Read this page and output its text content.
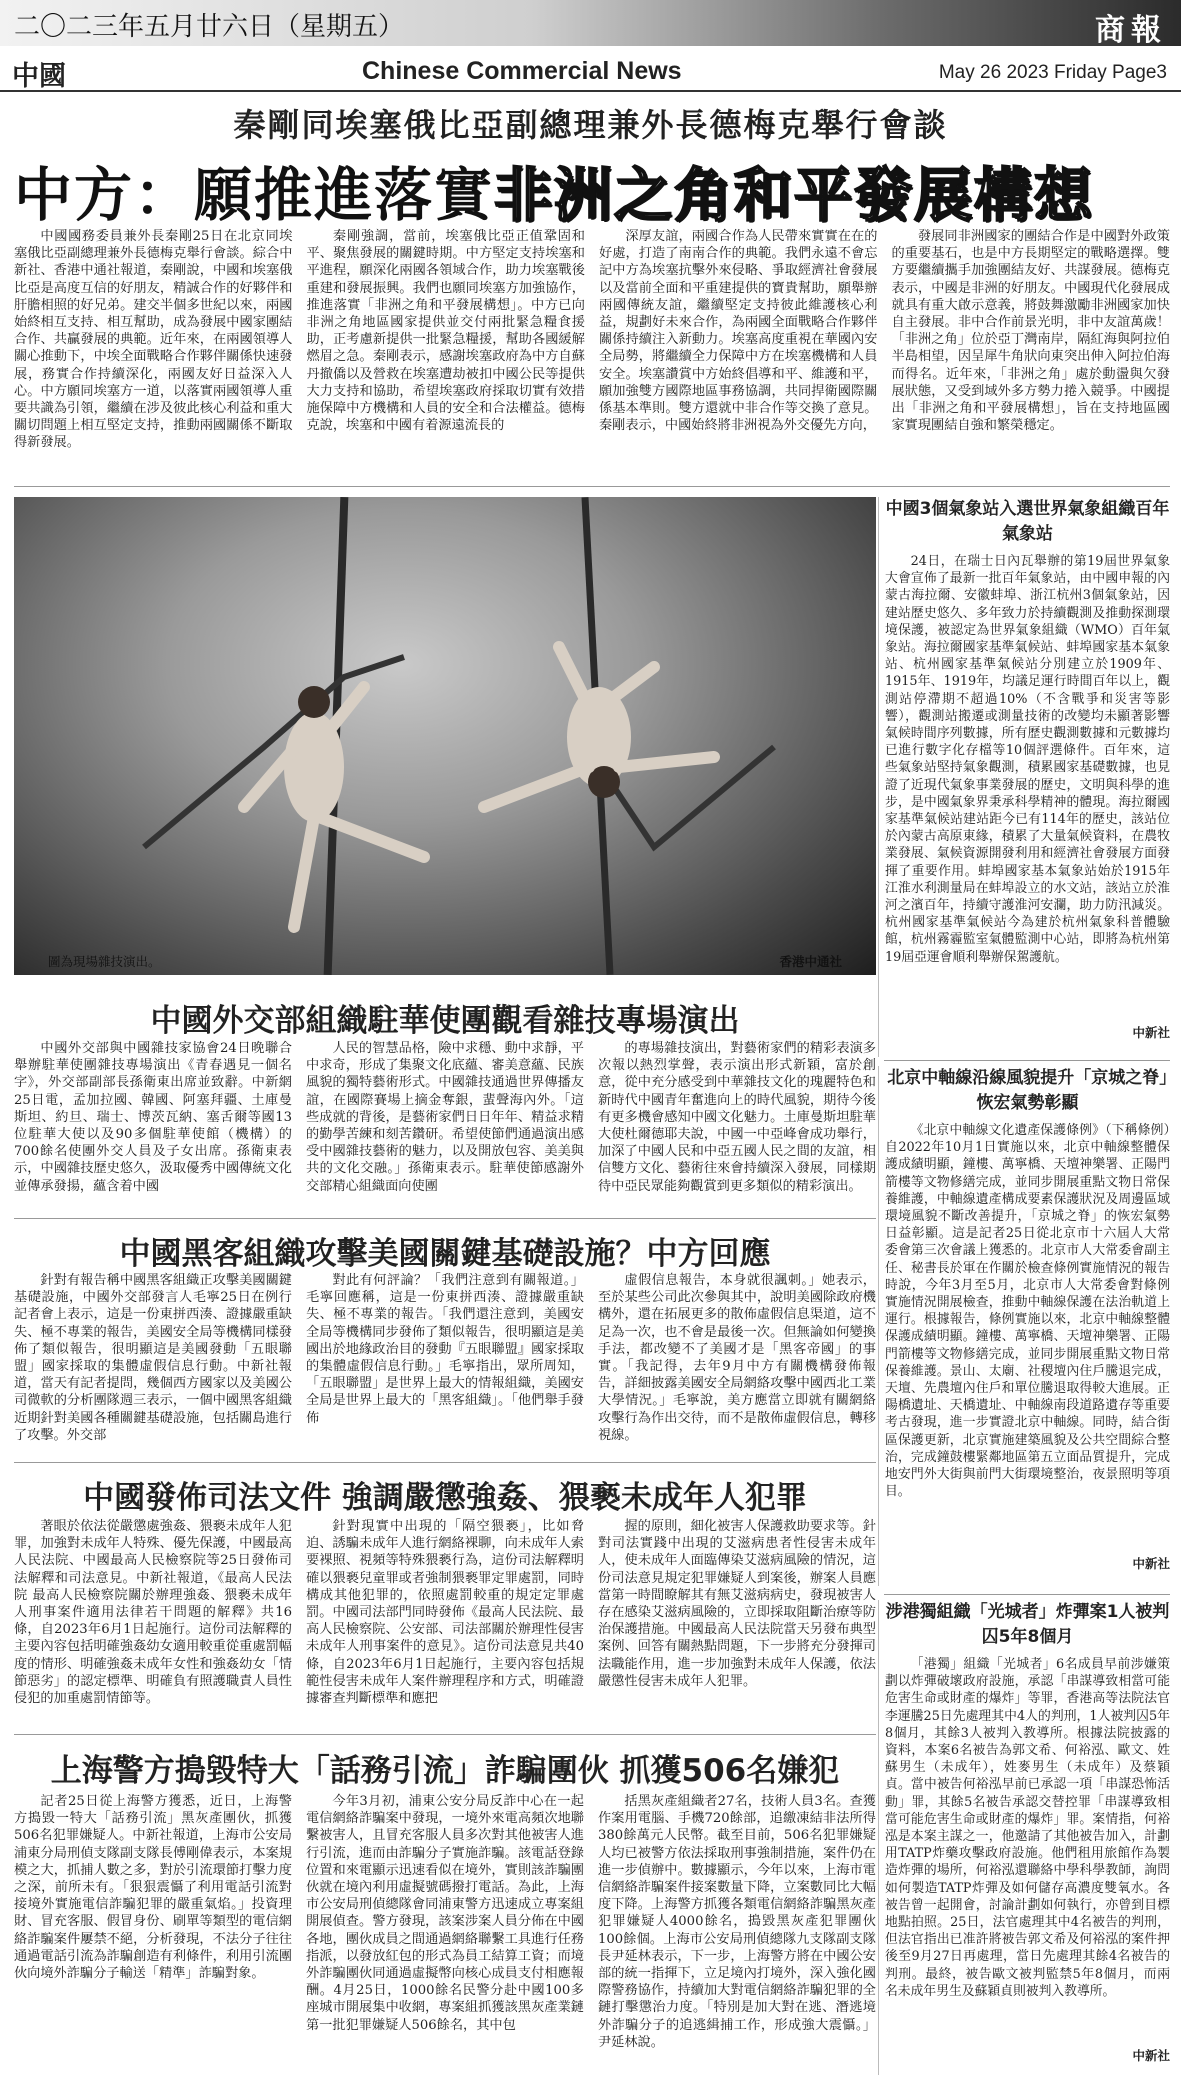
二〇二三年五月廿六日（星期五）	商報
中國	Chinese Commercial News	May 26 2023 Friday Page3
秦剛同埃塞俄比亞副總理兼外長德梅克舉行會談
中方：願推進落實非洲之角和平發展構想
中國國務委員兼外長秦剛25日在北京同埃塞俄比亞副總理兼外長德梅克舉行會談。綜合中新社、香港中通社報道，秦剛說，中國和埃塞俄比亞是高度互信的好朋友，精誠合作的好夥伴和肝膽相照的好兄弟。建交半個多世紀以來，兩國始終相互支持、相互幫助，成為發展中國家團結合作、共贏發展的典範。近年來，在兩國領導人關心推動下，中埃全面戰略合作夥伴關係快速發展，務實合作持續深化，兩國友好日益深入人心。中方願同埃塞方一道，以落實兩國領導人重要共識為引領，繼續在涉及彼此核心利益和重大關切問題上相互堅定支持，推動兩國關係不斷取得新發展。
秦剛強調，當前，埃塞俄比亞正值鞏固和平、聚焦發展的關鍵時期。中方堅定支持埃塞和平進程，願深化兩國各領域合作，助力埃塞戰後重建和發展振興。我們也願同埃塞方加強協作，推進落實「非洲之角和平發展構想」。中方已向非洲之角地區國家提供並交付兩批緊急糧食援助，正考慮新提供一批緊急糧援，幫助各國緩解燃眉之急。秦剛表示，感謝埃塞政府為中方自蘇丹撤僑以及營救在埃塞遭劫被扣中國公民等提供大力支持和協助，希望埃塞政府採取切實有效措施保障中方機構和人員的安全和合法權益。德梅克說，埃塞和中國有着源遠流長的
深厚友誼，兩國合作為人民帶來實實在在的好處，打造了南南合作的典範。我們永遠不會忘記中方為埃塞抗擊外來侵略、爭取經濟社會發展以及當前全面和平重建提供的寶貴幫助，願舉辦兩國傳統友誼，繼續堅定支持彼此維護核心利益，規劃好未來合作，為兩國全面戰略合作夥伴關係持續注入新動力。埃塞高度重視在華國內安全局勢，將繼續全力保障中方在埃塞機構和人員安全。埃塞讚賞中方始終倡導和平、維護和平，願加強雙方國際地區事務協調，共同捍衛國際關係基本準則。雙方還就中非合作等交換了意見。秦剛表示，中國始終將非洲視為外交優先方向，
發展同非洲國家的團結合作是中國對外政策的重要基石，也是中方長期堅定的戰略選擇。雙方要繼續攜手加強團結友好、共謀發展。德梅克表示，中國是非洲的好朋友。中國現代化發展成就具有重大啟示意義，將鼓舞激勵非洲國家加快自主發展。非中合作前景光明，非中友誼萬歲！「非洲之角」位於亞丁灣南岸，隔紅海與阿拉伯半島相望，因呈犀牛角狀向東突出伸入阿拉伯海而得名。近年來，「非洲之角」處於動盪與欠發展狀態，又受到域外多方勢力捲入競爭。中國提出「非洲之角和平發展構想」，旨在支持地區國家實現團結自強和繁榮穩定。
圖為現場雜技演出。	香港中通社
中國外交部組織駐華使團觀看雜技專場演出
中國外交部與中國雜技家協會24日晚聯合舉辦駐華使團雜技專場演出《青春遇見一個名字》，外交部副部長孫衛東出席並致辭。中新網25日電，孟加拉國、韓國、阿塞拜疆、土庫曼斯坦、約旦、瑞士、博茨瓦納、塞舌爾等國13位駐華大使以及90多個駐華使館（機構）的700餘名使團外交人員及子女出席。孫衛東表示，中國雜技歷史悠久，汲取優秀中國傳統文化並傳承發揚，蘊含着中國
人民的智慧品格，險中求穩、動中求靜，平中求奇，形成了集聚文化底蘊、審美意蘊、民族風貌的獨特藝術形式。中國雜技通過世界傳播友誼，在國際賽場上摘金奪銀，蜚聲海內外。「這些成就的背後，是藝術家們日日年年、精益求精的勤學苦練和刻苦鑽研。希望使節們通過演出感受中國雜技藝術的魅力，以及開放包容、美美與共的文化交融。」孫衛東表示。駐華使節感謝外交部精心組織面向使團
的專場雜技演出，對藝術家們的精彩表演多次報以熱烈掌聲，表示演出形式新穎，富於創意，從中充分感受到中華雜技文化的瑰麗特色和新時代中國青年奮進向上的時代風貌，期待今後有更多機會感知中國文化魅力。土庫曼斯坦駐華大使杜爾德耶夫說，中國一中亞峰會成功舉行，加深了中國人民和中亞五國人民之間的友誼，相信雙方文化、藝術往來會持續深入發展，同樣期待中亞民眾能夠觀賞到更多類似的精彩演出。
中國黑客組織攻擊美國關鍵基礎設施？中方回應
針對有報告稱中國黑客組織正攻擊美國關鍵基礎設施，中國外交部發言人毛寧25日在例行記者會上表示，這是一份東拼西湊、證據嚴重缺失、極不專業的報告，美國安全局等機構同樣發佈了類似報告，很明顯這是美國發動「五眼聯盟」國家採取的集體虛假信息行動。中新社報道，當天有記者提問，幾個西方國家以及美國公司微軟的分析團隊週三表示，一個中國黑客組織近期針對美國各種關鍵基礎設施，包括關島進行了攻擊。外交部
對此有何評論？「我們注意到有關報道。」毛寧回應稱，這是一份東拼西湊、證據嚴重缺失、極不專業的報告。「我們還注意到，美國安全局等機構同步發佈了類似報告，很明顯這是美國出於地緣政治目的發動『五眼聯盟』國家採取的集體虛假信息行動。」毛寧指出，眾所周知，「五眼聯盟」是世界上最大的情報組織，美國安全局是世界上最大的「黑客組織」。「他們舉手發佈
虛假信息報告，本身就很諷刺。」她表示，至於某些公司此次參與其中，說明美國除政府機構外，還在拓展更多的散佈虛假信息渠道，這不足為一次，也不會是最後一次。但無論如何變換手法，都改變不了美國才是「黑客帝國」的事實。「我記得，去年9月中方有關機構發佈報告，詳細披露美國安全局網絡攻擊中國西北工業大學情況。」毛寧說，美方應當立即就有關網絡攻擊行為作出交待，而不是散佈虛假信息，轉移視線。
中國發佈司法文件 強調嚴懲強姦、猥褻未成年人犯罪
著眼於依法從嚴懲處強姦、猥褻未成年人犯罪，加強對未成年人特殊、優先保護，中國最高人民法院、中國最高人民檢察院等25日發佈司法解釋和司法意見。中新社報道，《最高人民法院 最高人民檢察院關於辦理強姦、猥褻未成年人刑事案件適用法律若干問題的解釋》共16條，自2023年6月1日起施行。這份司法解釋的主要內容包括明確強姦幼女適用較重從重處罰幅度的情形、明確強姦未成年女性和強姦幼女「情節惡劣」的認定標準、明確負有照護職責人員性侵犯的加重處罰情節等。
針對現實中出現的「隔空猥褻」，比如脅迫、誘騙未成年人進行網絡裸聊，向未成年人索要裸照、視頻等特殊猥褻行為，這份司法解釋明確以猥褻兒童罪或者強制猥褻罪定罪處罰，同時構成其他犯罪的，依照處罰較重的規定定罪處罰。中國司法部門同時發佈《最高人民法院、最高人民檢察院、公安部、司法部關於辦理性侵害未成年人刑事案件的意見》。這份司法意見共40條，自2023年6月1日起施行，主要內容包括規範性侵害未成年人案件辦理程序和方式，明確證據審查判斷標準和應把
握的原則，細化被害人保護救助要求等。針對司法實踐中出現的艾滋病患者性侵害未成年人，使未成年人面臨傳染艾滋病風險的情況，這份司法意見規定犯罪嫌疑人到案後，辦案人員應當第一時間瞭解其有無艾滋病病史，發現被害人存在感染艾滋病風險的，立即採取阻斷治療等防治保護措施。中國最高人民法院當天另發布典型案例、回答有關熱點問題，下一步將充分發揮司法職能作用，進一步加強對未成年人保護，依法嚴懲性侵害未成年人犯罪。
上海警方搗毀特大「話務引流」詐騙團伙 抓獲506名嫌犯
記者25日從上海警方獲悉，近日，上海警方搗毀一特大「話務引流」黑灰產團伙，抓獲506名犯罪嫌疑人。中新社報道，上海市公安局浦東分局刑偵支隊副支隊長傅剛偉表示，本案規模之大，抓捕人數之多，對於引流環節打擊力度之深，前所未有。「狠狠震懾了利用電話引流對接境外實施電信詐騙犯罪的嚴重氣焰。」投資理財、冒充客服、假冒身份、刷單等類型的電信網絡詐騙案件屢禁不絕，分析發現，不法分子往往通過電話引流為詐騙創造有利條件，利用引流團伙向境外詐騙分子輸送「精準」詐騙對象。
今年3月初，浦東公安分局反詐中心在一起電信網絡詐騙案中發現，一境外來電高頻次地聯繫被害人，且冒充客服人員多次對其他被害人進行引流，進而由詐騙分子實施詐騙。該電話登錄位置和來電顯示迅速看似在境外，實則該詐騙團伙就在境內利用虛擬號碼撥打電話。為此，上海市公安局刑偵總隊會同浦東警方迅速成立專案組開展偵查。警方發現，該案涉案人員分佈在中國各地，團伙成員之間通過網絡聯繫工具進行任務指派，以發放紅包的形式為員工結算工資；而境外詐騙團伙同通過虛擬幣向核心成員支付相應報酬。4月25日，1000餘名民警分赴中國100多座城市開展集中收網，專案組抓獲該黑灰產業鏈第一批犯罪嫌疑人506餘名，其中包
括黑灰產組織者27名，技術人員3名。查獲作案用電腦、手機720餘部，追繳凍結非法所得380餘萬元人民幣。截至目前，506名犯罪嫌疑人均已被警方依法採取刑事強制措施，案件仍在進一步偵辦中。數據顯示，今年以來，上海市電信網絡詐騙案件接案數量下降，立案數同比大幅度下降。上海警方抓獲各類電信網絡詐騙黑灰產犯罪嫌疑人4000餘名，搗毀黑灰產犯罪團伙100餘個。上海市公安局刑偵總隊九支隊副支隊長尹延林表示，下一步，上海警方將在中國公安部的統一指揮下，立足境內打境外，深入強化國際警務協作，持續加大對電信網絡詐騙犯罪的全鏈打擊懲治力度。「特別是加大對在逃、潛逃境外詐騙分子的追逃緝捕工作，形成強大震懾。」尹延林說。
中國3個氣象站入選世界氣象組織百年氣象站
24日，在瑞士日內瓦舉辦的第19屆世界氣象大會宣佈了最新一批百年氣象站，由中國申報的內蒙古海拉爾、安徽蚌埠、浙江杭州3個氣象站，因建站歷史悠久、多年致力於持續觀測及推動探測環境保護，被認定為世界氣象組織（WMO）百年氣象站。海拉爾國家基準氣候站、蚌埠國家基本氣象站、杭州國家基準氣候站分別建立於1909年、1915年、1919年，均議足運行時間百年以上，觀測站停滯期不超過10%（不含戰爭和災害等影響），觀測站搬遷或測量技術的改變均未顯著影響氣候時間序列數據，所有歷史觀測數據和元數據均已進行數字化存檔等10個評選條件。百年來，這些氣象站堅持氣象觀測，積累國家基礎數據，也見證了近現代氣象事業發展的歷史，文明與科學的進步，是中國氣象界秉承科學精神的體現。海拉爾國家基準氣候站建站距今已有114年的歷史，該站位於內蒙古高原東緣，積累了大量氣候資料，在農牧業發展、氣候資源開發利用和經濟社會發展方面發揮了重要作用。蚌埠國家基本氣象站始於1915年江淮水利測量局在蚌埠設立的水文站，該站立於淮河之濱百年，持續守護淮河安瀾，助力防汛減災。杭州國家基準氣候站今為建於杭州氣象科普體驗館，杭州霧霾監室氣體監測中心站，即將為杭州第19屆亞運會順利舉辦保駕護航。
中新社
北京中軸線沿線風貌提升「京城之脊」恢宏氣勢彰顯
《北京中軸線文化遺產保護條例》（下稱條例）自2022年10月1日實施以來，北京中軸線整體保護成績明顯，鐘樓、萬寧橋、天壇神樂署、正陽門箭樓等文物修繕完成，並同步開展重點文物日常保養維護，中軸線遺產構成要素保護狀況及周邊區域環境風貌不斷改善提升，「京城之脊」的恢宏氣勢日益彰顯。這是記者25日從北京市十六屆人大常委會第三次會議上獲悉的。北京市人大常委會副主任、秘書長於軍在作關於檢查條例實施情況的報告時說，今年3月至5月，北京市人大常委會對條例實施情況開展檢查，推動中軸線保護在法治軌道上運行。根據報告，條例實施以來，北京中軸線整體保護成績明顯。鐘樓、萬寧橋、天壇神樂署、正陽門箭樓等文物修繕完成，並同步開展重點文物日常保養維護。景山、太廟、社稷壇內住戶騰退完成，天壇、先農壇內住戶和單位騰退取得較大進展。正陽橋遺址、天橋遺址、中軸線南段道路遺存等重要考古發現，進一步實證北京中軸線。同時，結合街區保護更新，北京實施建築風貌及公共空間綜合整治，完成鐘鼓樓緊鄰地區第五立面品質提升，完成地安門外大街與前門大街環境整治，夜景照明等項目。
中新社
涉港獨組織「光城者」炸彈案1人被判囚5年8個月
「港獨」組織「光城者」6名成員早前涉嫌策劃以炸彈破壞政府設施，承認「串謀導致相當可能危害生命或財產的爆炸」等罪，香港高等法院法官李運騰25日先處理其中4人的判刑，1人被判囚5年8個月，其餘3人被判入教導所。根據法院披露的資料，本案6名被告為郭文希、何裕泓、歐文、姓蘇男生（未成年），姓麥男生（未成年）及蔡穎貞。當中被告何裕泓早前已承認一項「串謀恐怖活動」罪，其餘5名被告承認交替控罪「串謀導致相當可能危害生命或財產的爆炸」罪。案情指，何裕泓是本案主謀之一，他邀請了其他被告加入，計劃用TATP炸藥攻擊政府設施。他們租用旅館作為製造炸彈的場所，何裕泓還聯絡中學科學教師，詢問如何製造TATP炸彈及如何儲存高濃度雙氧水。各被告曾一起開會，討論計劃如何執行，亦曾到目標地點拍照。25日，法官處理其中4名被告的判刑，但法官指出已准許將被告郭文希及何裕泓的案件押後至9月27日再處理，當日先處理其餘4名被告的判刑。最終，被告歐文被判監禁5年8個月，而兩名未成年男生及蘇穎貞則被判入教導所。
中新社
